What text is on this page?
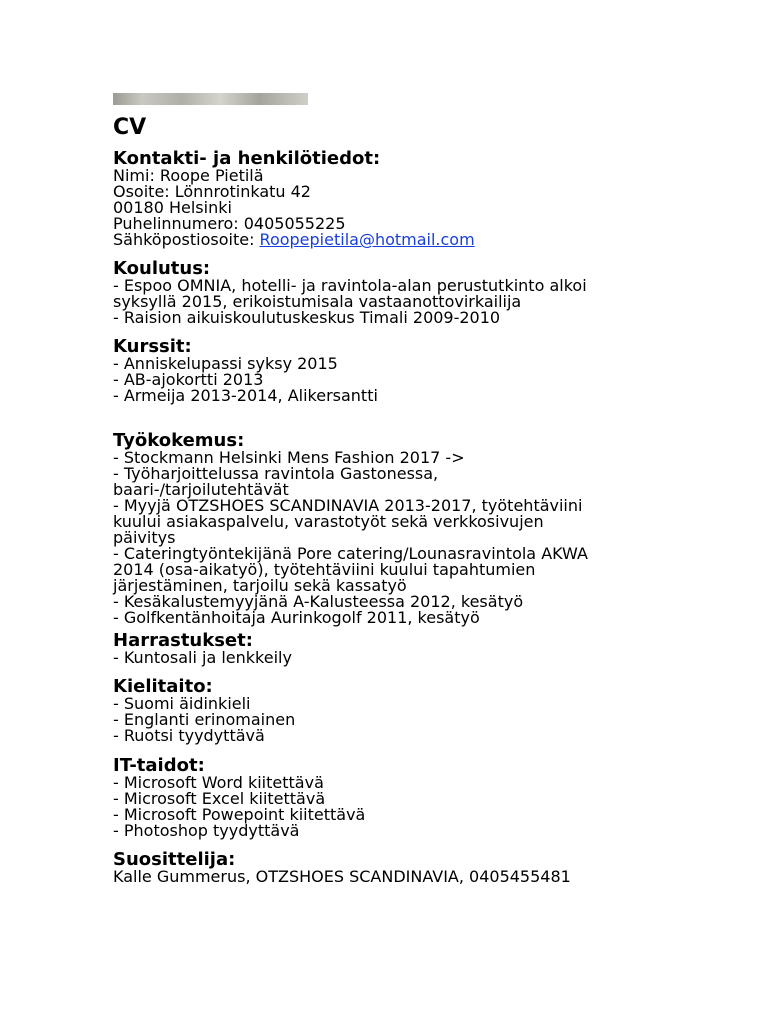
CV
Kontakti- ja henkilötiedot:
Nimi: Roope Pietilä
Osoite: Lönnrotinkatu 42
00180 Helsinki
Puhelinnumero: 0405055225
Sähköpostiosoite: Roopepietila@hotmail.com
Koulutus:
- Espoo OMNIA, hotelli- ja ravintola-alan perustutkinto alkoi
syksyllä 2015, erikoistumisala vastaanottovirkailija
- Raision aikuiskoulutuskeskus Timali 2009-2010
Kurssit:
- Anniskelupassi syksy 2015
- AB-ajokortti 2013
- Armeija 2013-2014, Alikersantti
Työkokemus:
- Stockmann Helsinki Mens Fashion 2017 ->
- Työharjoittelussa ravintola Gastonessa,
baari-/tarjoilutehtävät
- Myyjä OTZSHOES SCANDINAVIA 2013-2017, työtehtäviini
kuului asiakaspalvelu, varastotyöt sekä verkkosivujen
päivitys
- Cateringtyöntekijänä Pore catering/Lounasravintola AKWA
2014 (osa-aikatyö), työtehtäviini kuului tapahtumien
järjestäminen, tarjoilu sekä kassatyö
- Kesäkalustemyyjänä A-Kalusteessa 2012, kesätyö
- Golfkentänhoitaja Aurinkogolf 2011, kesätyö
Harrastukset:
- Kuntosali ja lenkkeily
Kielitaito:
- Suomi äidinkieli
- Englanti erinomainen
- Ruotsi tyydyttävä
IT-taidot:
- Microsoft Word kiitettävä
- Microsoft Excel kiitettävä
- Microsoft Powepoint kiitettävä
- Photoshop tyydyttävä
Suosittelija:
Kalle Gummerus, OTZSHOES SCANDINAVIA, 0405455481
